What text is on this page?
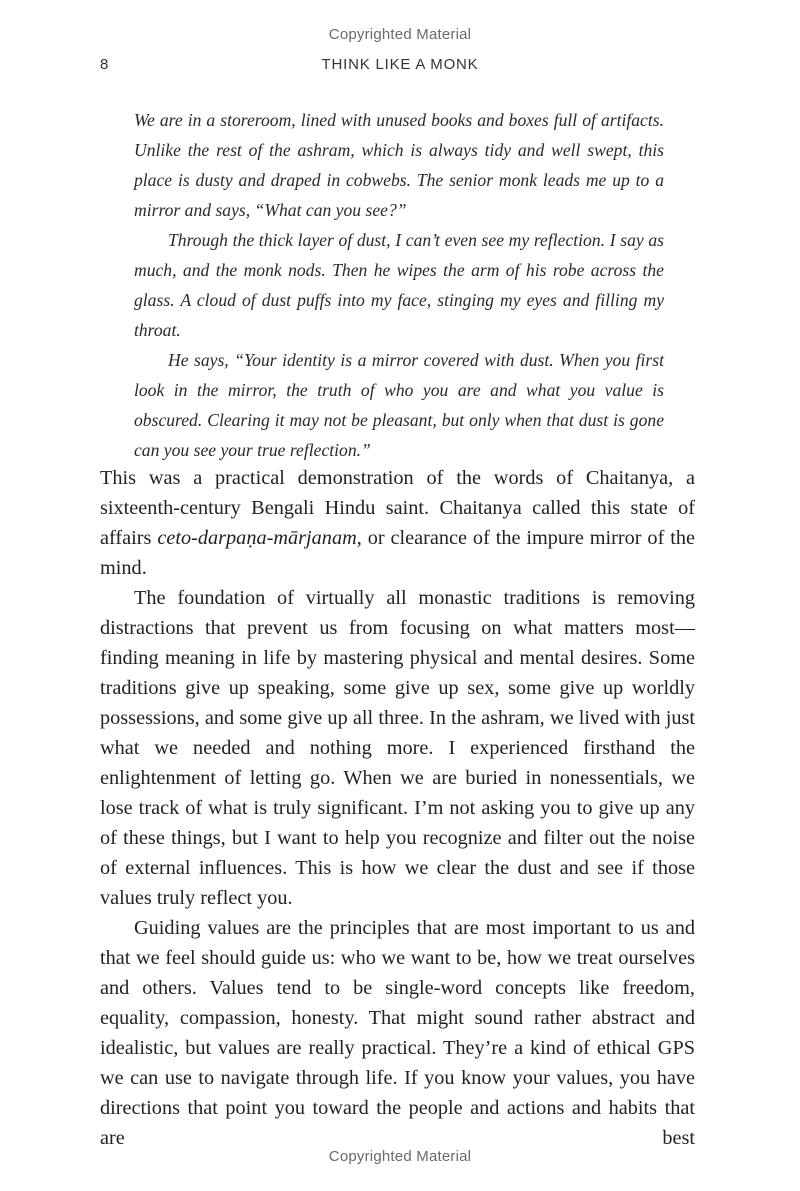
Copyrighted Material
8	THINK LIKE A MONK

We are in a storeroom, lined with unused books and boxes full of artifacts. Unlike the rest of the ashram, which is always tidy and well swept, this place is dusty and draped in cobwebs. The senior monk leads me up to a mirror and says, “What can you see?”

Through the thick layer of dust, I can’t even see my reflection. I say as much, and the monk nods. Then he wipes the arm of his robe across the glass. A cloud of dust puffs into my face, stinging my eyes and filling my throat.

He says, “Your identity is a mirror covered with dust. When you first look in the mirror, the truth of who you are and what you value is obscured. Clearing it may not be pleasant, but only when that dust is gone can you see your true reflection.”

This was a practical demonstration of the words of Chaitanya, a sixteenth-century Bengali Hindu saint. Chaitanya called this state of affairs ceto-darpaṇa-mārjanam, or clearance of the impure mirror of the mind.

The foundation of virtually all monastic traditions is removing distractions that prevent us from focusing on what matters most—finding meaning in life by mastering physical and mental desires. Some traditions give up speaking, some give up sex, some give up worldly possessions, and some give up all three. In the ashram, we lived with just what we needed and nothing more. I experienced firsthand the enlightenment of letting go. When we are buried in nonessentials, we lose track of what is truly significant. I’m not asking you to give up any of these things, but I want to help you recognize and filter out the noise of external influences. This is how we clear the dust and see if those values truly reflect you.

Guiding values are the principles that are most important to us and that we feel should guide us: who we want to be, how we treat ourselves and others. Values tend to be single-word concepts like freedom, equality, compassion, honesty. That might sound rather abstract and idealistic, but values are really practical. They’re a kind of ethical GPS we can use to navigate through life. If you know your values, you have directions that point you toward the people and actions and habits that are best

Copyrighted Material
